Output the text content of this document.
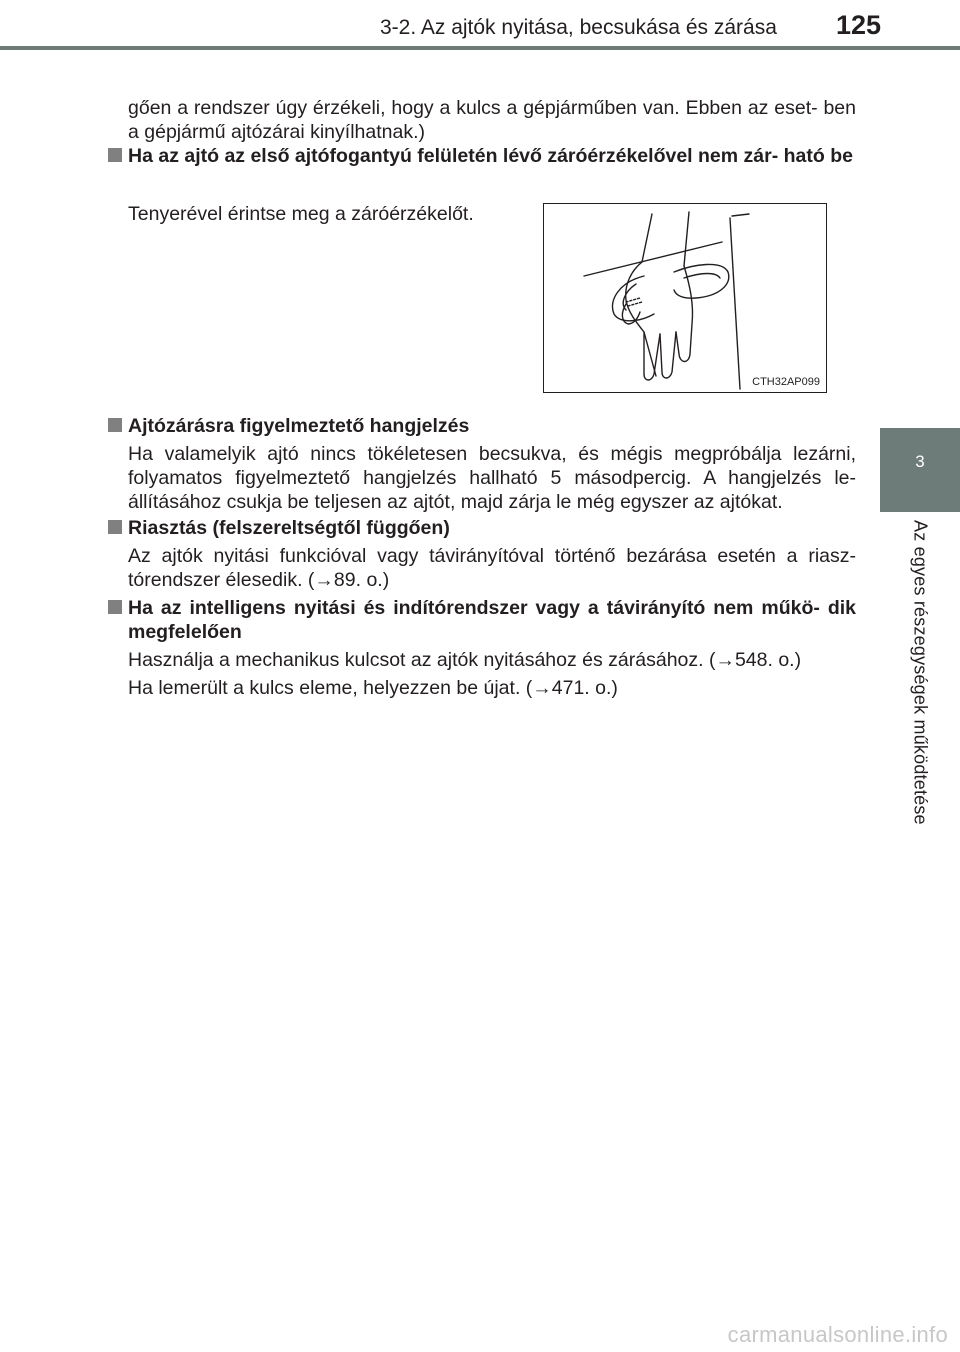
3-2. Az ajtók nyitása, becsukása és zárása 125
3
Az egyes részegységek működtetése

gően a rendszer úgy érzékeli, hogy a kulcs a gépjárműben van. Ebben az eset- ben a gépjármű ajtózárai kinyílhatnak.)

Ha az ajtó az első ajtófogantyú felületén lévő záróérzékelővel nem zár- ható be

Tenyerével érintse meg a záróérzékelőt.

CTH32AP099
Ajtózárásra figyelmeztető hangjelzés

Ha valamelyik ajtó nincs tökéletesen becsukva, és mégis megpróbálja lezárni, folyamatos figyelmeztető hangjelzés hallható 5 másodpercig. A hangjelzés le- állításához csukja be teljesen az ajtót, majd zárja le még egyszer az ajtókat.

Riasztás (felszereltségtől függően)

Az ajtók nyitási funkcióval vagy távirányítóval történő bezárása esetén a riasz- tórendszer élesedik. (→89. o.)

Ha az intelligens nyitási és indítórendszer vagy a távirányító nem műkö- dik megfelelően

Használja a mechanikus kulcsot az ajtók nyitásához és zárásához. (→548. o.)

Ha lemerült a kulcs eleme, helyezzen be újat. (→471. o.)

carmanualsonline.info
